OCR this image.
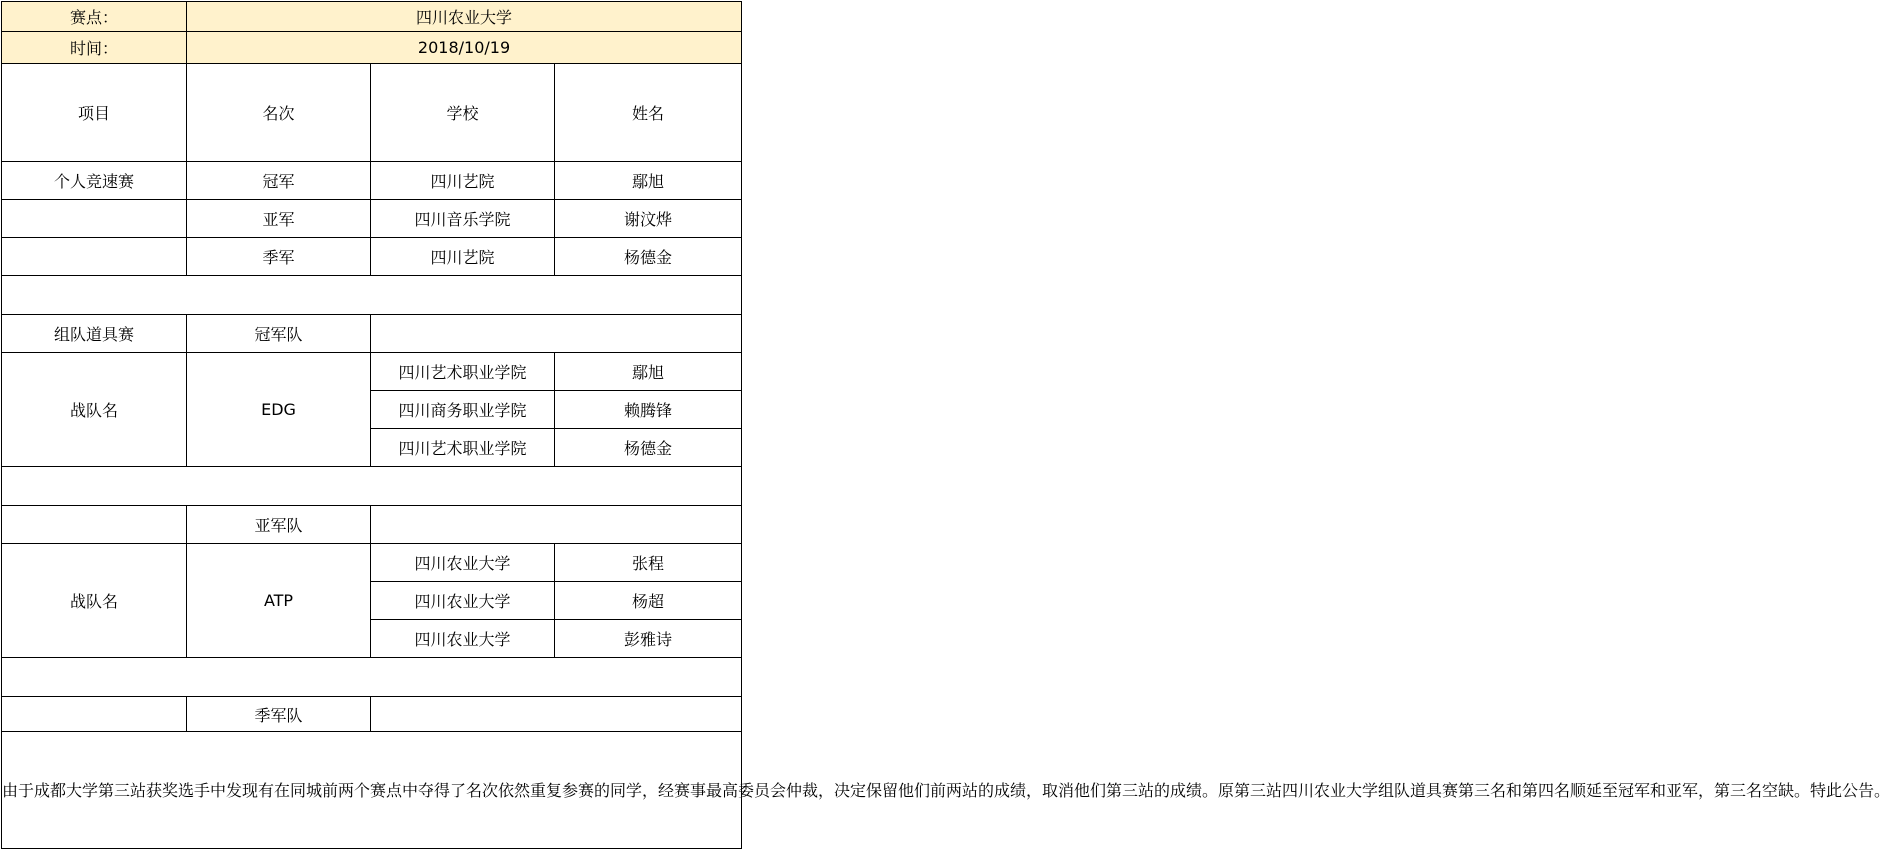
赛点：	四川农业大学		
时间：	2018/10/19		
项目	名次	学校	姓名
个人竞速赛	冠军	四川艺院	鄢旭
	亚军	四川音乐学院	谢汶烨
	季军	四川艺院	杨德金

组队道具赛	冠军队		
战队名	EDG	四川艺术职业学院	鄢旭
		四川商务职业学院	赖腾锋
		四川艺术职业学院	杨德金

	亚军队		
战队名	ATP	四川农业大学	张程
		四川农业大学	杨超
		四川农业大学	彭雅诗

	季军队		
由于成都大学第三站获奖选手中发现有在同城前两个赛点中夺得了名次依然重复参赛的同学，经赛事最高委员会仲裁，决定保留他们前两站的成绩，取消他们第三站的成绩。原第三站四川农业大学组队道具赛第三名和第四名顺延至冠军和亚军，第三名空缺。特此公告。			
